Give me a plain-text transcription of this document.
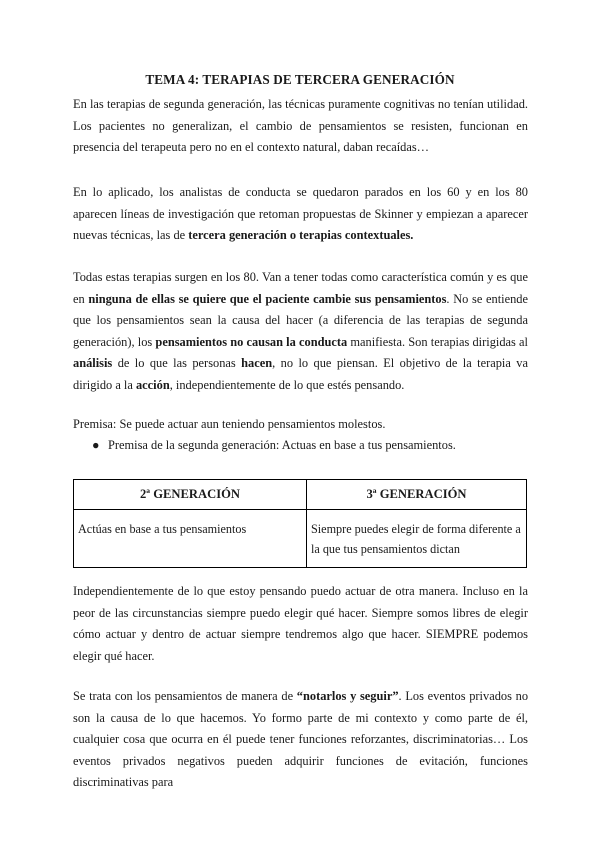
TEMA 4: TERAPIAS DE TERCERA GENERACIÓN

En las terapias de segunda generación, las técnicas puramente cognitivas no tenían utilidad. Los pacientes no generalizan, el cambio de pensamientos se resisten, funcionan en presencia del terapeuta pero no en el contexto natural, daban recaídas…

En lo aplicado, los analistas de conducta se quedaron parados en los 60 y en los 80 aparecen líneas de investigación que retoman propuestas de Skinner y empiezan a aparecer nuevas técnicas, las de tercera generación o terapias contextuales.

Todas estas terapias surgen en los 80. Van a tener todas como característica común y es que en ninguna de ellas se quiere que el paciente cambie sus pensamientos. No se entiende que los pensamientos sean la causa del hacer (a diferencia de las terapias de segunda generación), los pensamientos no causan la conducta manifiesta. Son terapias dirigidas al análisis de lo que las personas hacen, no lo que piensan. El objetivo de la terapia va dirigido a la acción, independientemente de lo que estés pensando.

Premisa: Se puede actuar aun teniendo pensamientos molestos.

● Premisa de la segunda generación: Actuas en base a tus pensamientos.
2ª GENERACIÓN	3ª GENERACIÓN
Actúas en base a tus pensamientos	Siempre puedes elegir de forma diferente a la que tus pensamientos dictan

Independientemente de lo que estoy pensando puedo actuar de otra manera. Incluso en la peor de las circunstancias siempre puedo elegir qué hacer. Siempre somos libres de elegir cómo actuar y dentro de actuar siempre tendremos algo que hacer. SIEMPRE podemos elegir qué hacer.

Se trata con los pensamientos de manera de “notarlos y seguir”. Los eventos privados no son la causa de lo que hacemos. Yo formo parte de mi contexto y como parte de él, cualquier cosa que ocurra en él puede tener funciones reforzantes, discriminatorias… Los eventos privados negativos pueden adquirir funciones de evitación, funciones discriminativas para
